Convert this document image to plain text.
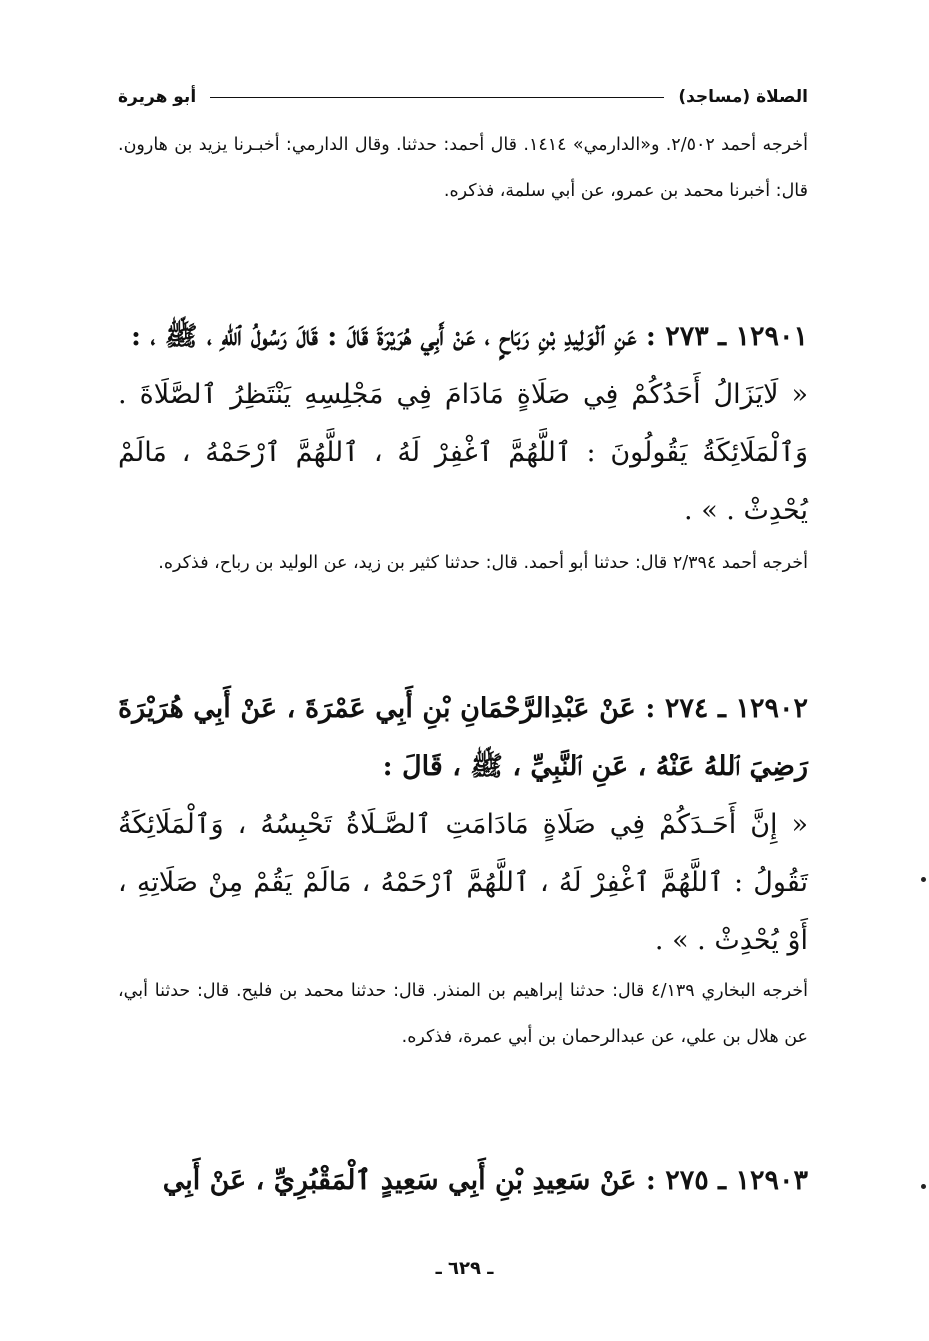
الصلاة (مساجد)
أبو هريرة

أخرجه أحمد ٢/٥٠٢. و«الدارمي» ١٤١٤. قال أحمد: حدثنا. وقال الدارمي: أخبـرنا يزيد بن هارون. قال: أخبرنا محمد بن عمرو، عن أبي سلمة، فذكره.

١٢٩٠١ ـ ٢٧٣ : عَنِ ٱلْوَلِيدِ بْنِ رَبَاحٍ ، عَنْ أَبِي هُرَيْرَةَ قَالَ : قَالَ رَسُولُ ٱللهِ ، ﷺ ، :

« لَايَزَالُ أَحَدُكُمْ فِي صَلَاةٍ مَادَامَ فِي مَجْلِسِهِ يَنْتَظِرُ ٱلصَّلَاةَ . وَٱلْمَلَائِكَةُ يَقُولُونَ : ٱللَّهُمَّ ٱغْفِرْ لَهُ ، ٱللَّهُمَّ ٱرْحَمْهُ ، مَالَمْ يُحْدِثْ . » .

أخرجه أحمد ٢/٣٩٤ قال: حدثنا أبو أحمد. قال: حدثنا كثير بن زيد، عن الوليد بن رباح، فذكره.

١٢٩٠٢ ـ ٢٧٤ : عَنْ عَبْدِالرَّحْمَانِ بْنِ أَبِي عَمْرَةَ ، عَنْ أَبِي هُرَيْرَةَ رَضِيَ ٱللهُ عَنْهُ ، عَنِ ٱلنَّبِيِّ ، ﷺ ، قَالَ :

« إِنَّ أَحَـدَكُمْ فِي صَلَاةٍ مَادَامَتِ ٱلصَّـلَاةُ تَحْبِسُهُ ، وَٱلْمَلَائِكَةُ تَقُولُ : ٱللَّهُمَّ ٱغْفِرْ لَهُ ، ٱللَّهُمَّ ٱرْحَمْهُ ، مَالَمْ يَقُمْ مِنْ صَلَاتِهِ ، أَوْ يُحْدِثْ . » .

أخرجه البخاري ٤/١٣٩ قال: حدثنا إبراهيم بن المنذر. قال: حدثنا محمد بن فليح. قال: حدثنا أبي، عن هلال بن علي، عن عبدالرحمان بن أبي عمرة، فذكره.

١٢٩٠٣ ـ ٢٧٥ : عَنْ سَعِيدِ بْنِ أَبِي سَعِيدٍ ٱلْمَقْبُرِيِّ ، عَنْ أَبِي

ـ ٦٢٩ ـ
